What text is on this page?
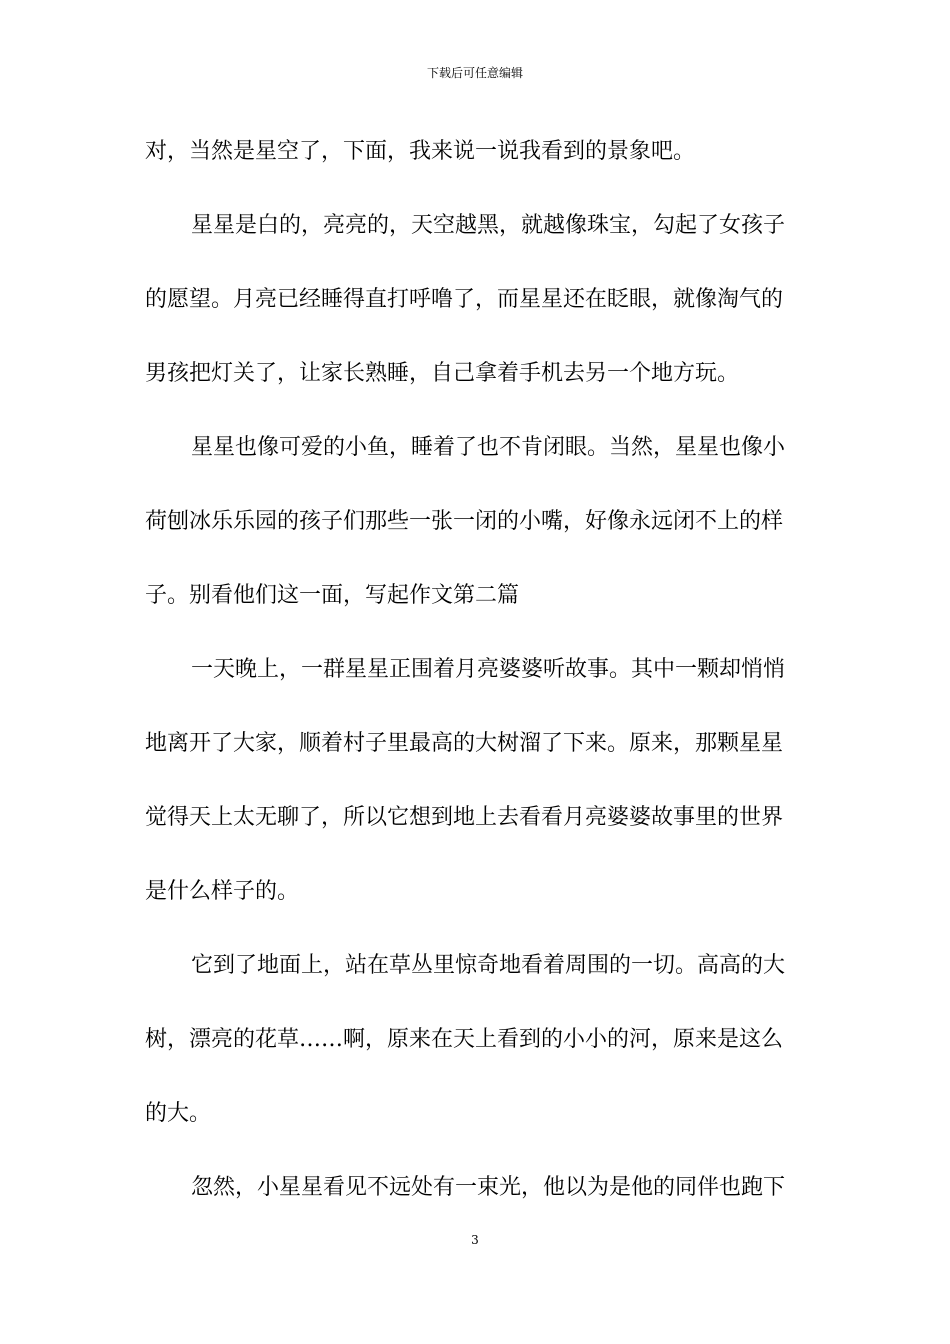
下载后可任意编辑
对，当然是星空了，下面，我来说一说我看到的景象吧。
星星是白的，亮亮的，天空越黑，就越像珠宝，勾起了女孩子
的愿望。月亮已经睡得直打呼噜了，而星星还在眨眼，就像淘气的
男孩把灯关了，让家长熟睡，自己拿着手机去另一个地方玩。
星星也像可爱的小鱼，睡着了也不肯闭眼。当然，星星也像小
荷刨冰乐乐园的孩子们那些一张一闭的小嘴，好像永远闭不上的样
子。别看他们这一面，写起作文第二篇
一天晚上，一群星星正围着月亮婆婆听故事。其中一颗却悄悄
地离开了大家，顺着村子里最高的大树溜了下来。原来，那颗星星
觉得天上太无聊了，所以它想到地上去看看月亮婆婆故事里的世界
是什么样子的。
它到了地面上，站在草丛里惊奇地看着周围的一切。高高的大
树，漂亮的花草……啊，原来在天上看到的小小的河，原来是这么
的大。
忽然，小星星看见不远处有一束光，他以为是他的同伴也跑下
3
